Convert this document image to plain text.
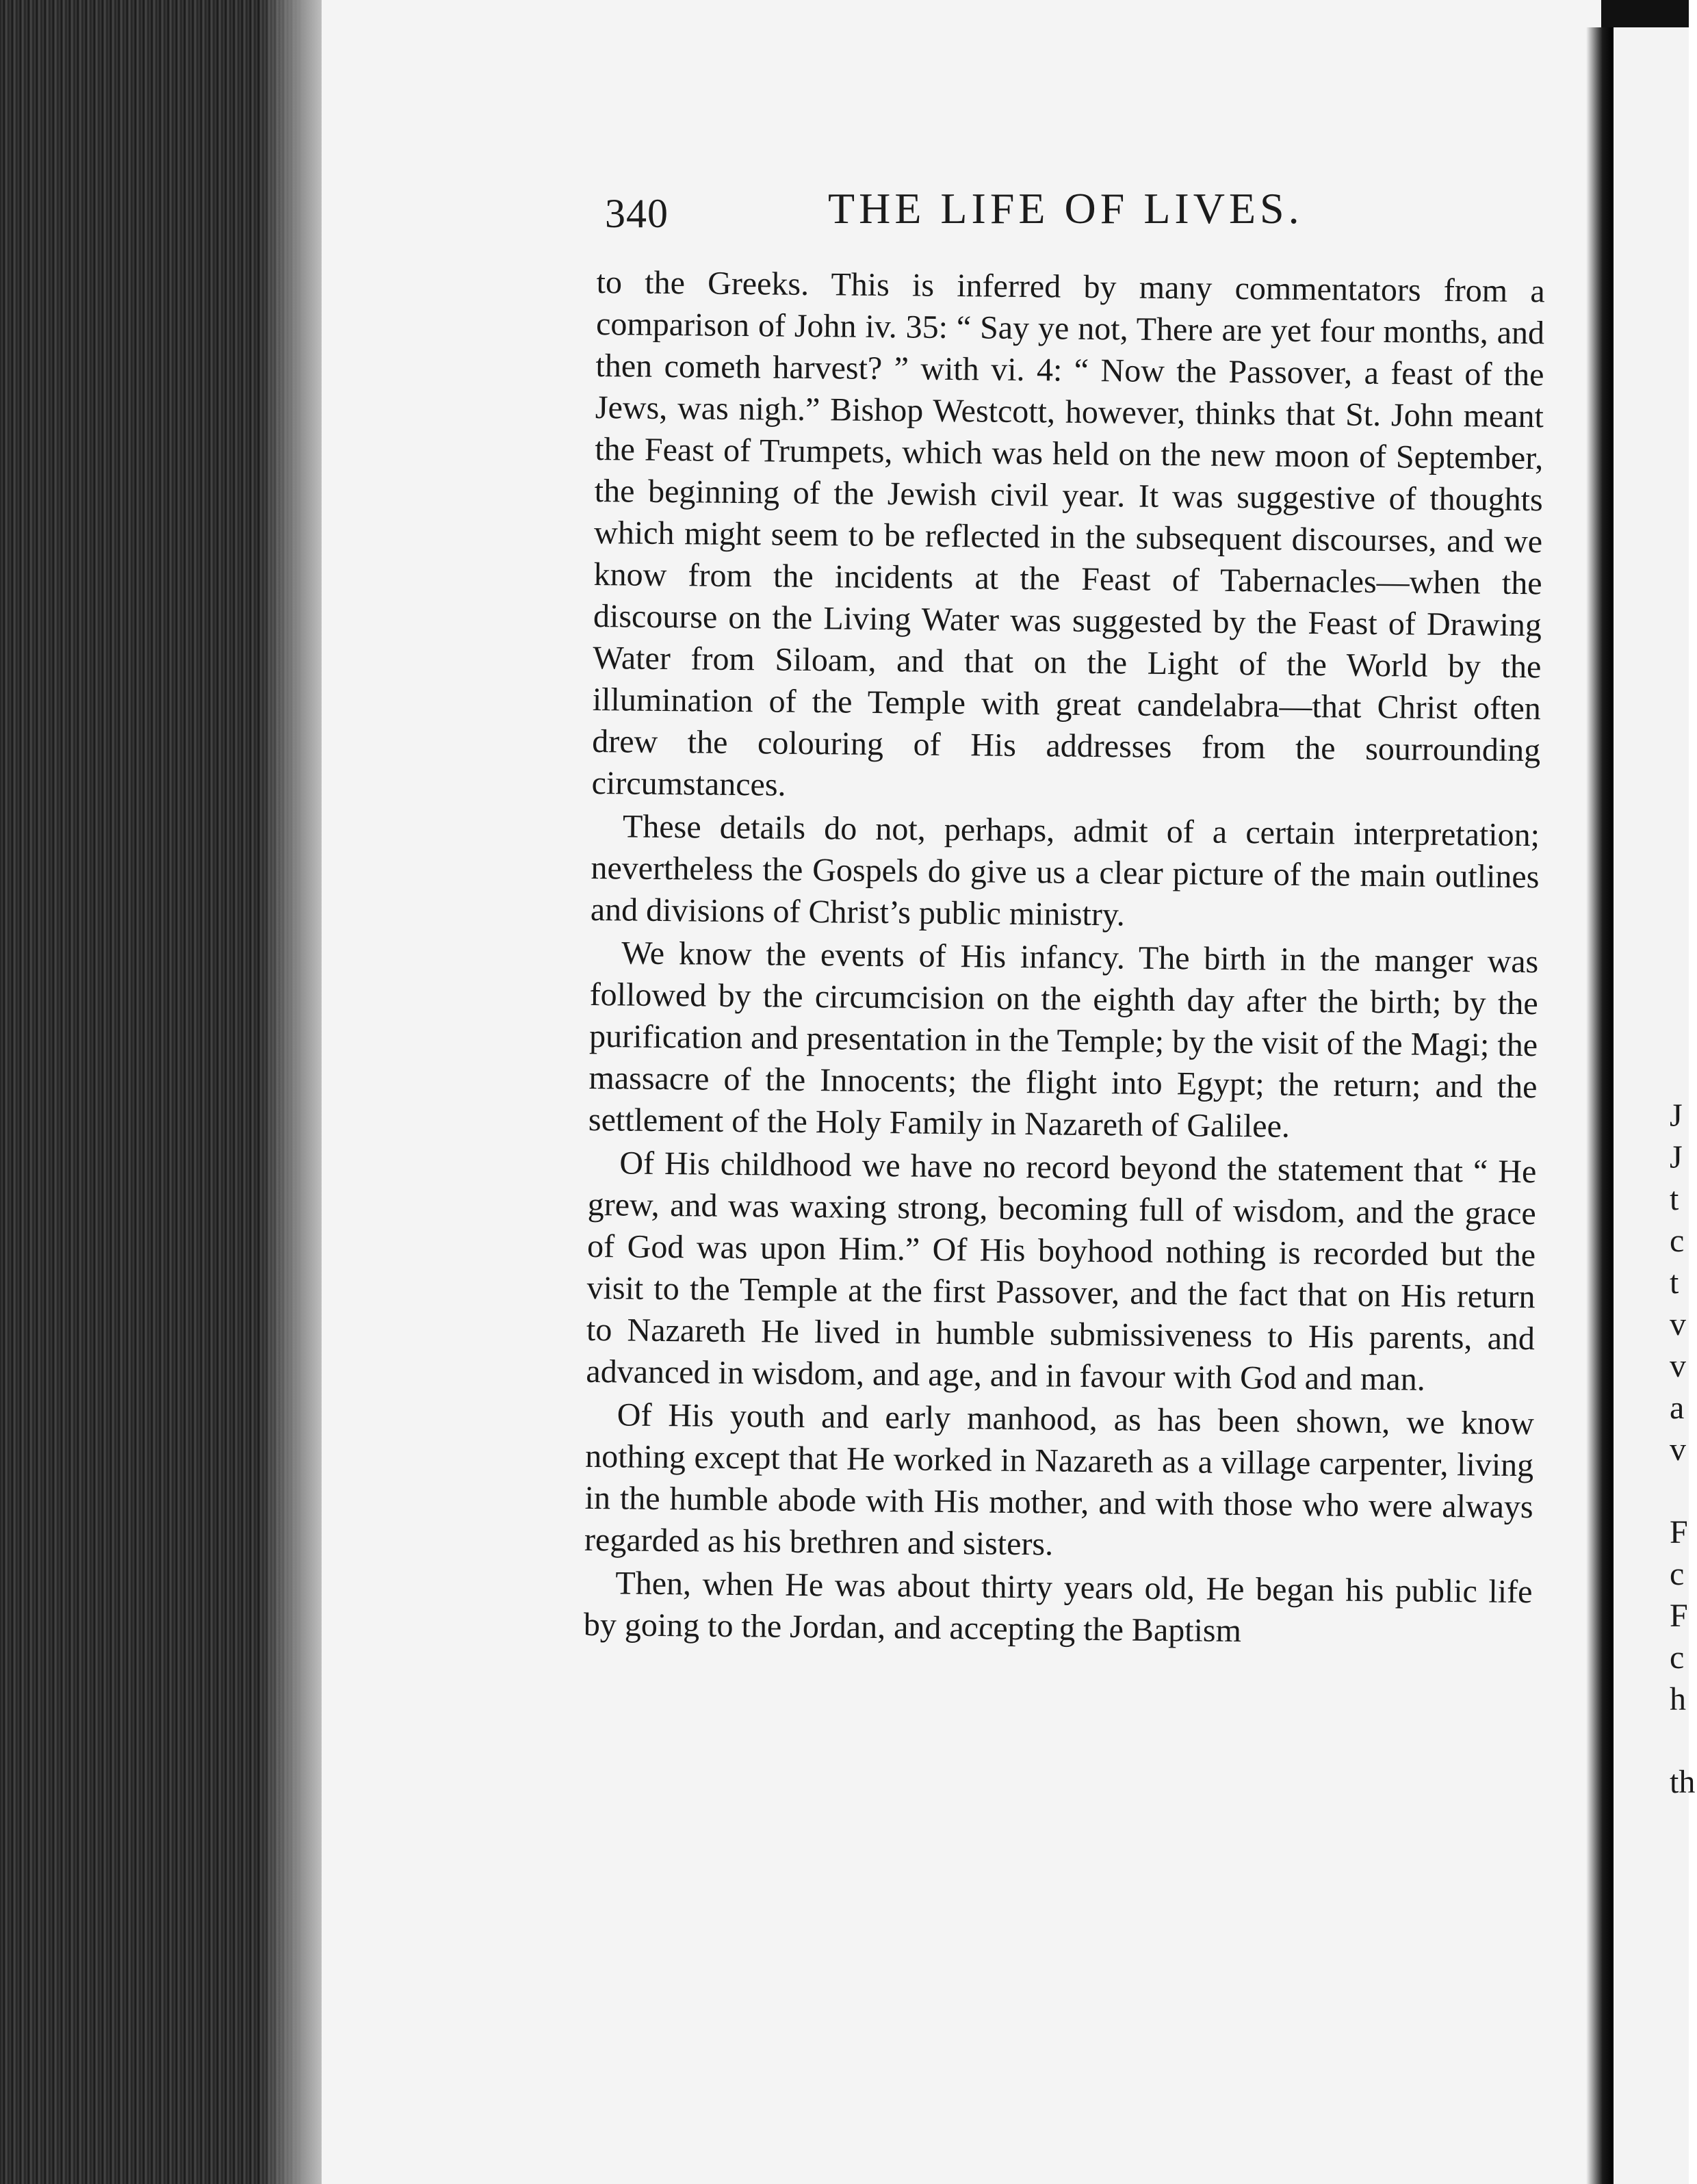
340	THE LIFE OF LIVES.

to the Greeks. This is inferred by many commentators from a comparison of John iv. 35: “ Say ye not, There are yet four months, and then cometh harvest? ” with vi. 4: “ Now the Passover, a feast of the Jews, was nigh.” Bishop Westcott, however, thinks that St. John meant the Feast of Trumpets, which was held on the new moon of September, the beginning of the Jewish civil year. It was suggestive of thoughts which might seem to be reflected in the subsequent discourses, and we know from the incidents at the Feast of Tabernacles—when the discourse on the Living Water was suggested by the Feast of Drawing Water from Siloam, and that on the Light of the World by the illumination of the Temple with great candelabra—that Christ often drew the colouring of His addresses from the sourrounding circumstances.

These details do not, perhaps, admit of a certain interpretation; nevertheless the Gospels do give us a clear picture of the main outlines and divisions of Christ’s public ministry.

We know the events of His infancy. The birth in the manger was followed by the circumcision on the eighth day after the birth; by the purification and presentation in the Temple; by the visit of the Magi; the massacre of the Innocents; the flight into Egypt; the return; and the settlement of the Holy Family in Nazareth of Galilee.

Of His childhood we have no record beyond the statement that “ He grew, and was waxing strong, becoming full of wisdom, and the grace of God was upon Him.” Of His boyhood nothing is recorded but the visit to the Temple at the first Passover, and the fact that on His return to Nazareth He lived in humble submissiveness to His parents, and advanced in wisdom, and age, and in favour with God and man.

Of His youth and early manhood, as has been shown, we know nothing except that He worked in Nazareth as a village carpenter, living in the humble abode with His mother, and with those who were always regarded as his brethren and sisters.

Then, when He was about thirty years old, He began his public life by going to the Jordan, and accepting the Baptism

J
J
t
c
t
v
v
a
v
F
c
F
c
h
th
